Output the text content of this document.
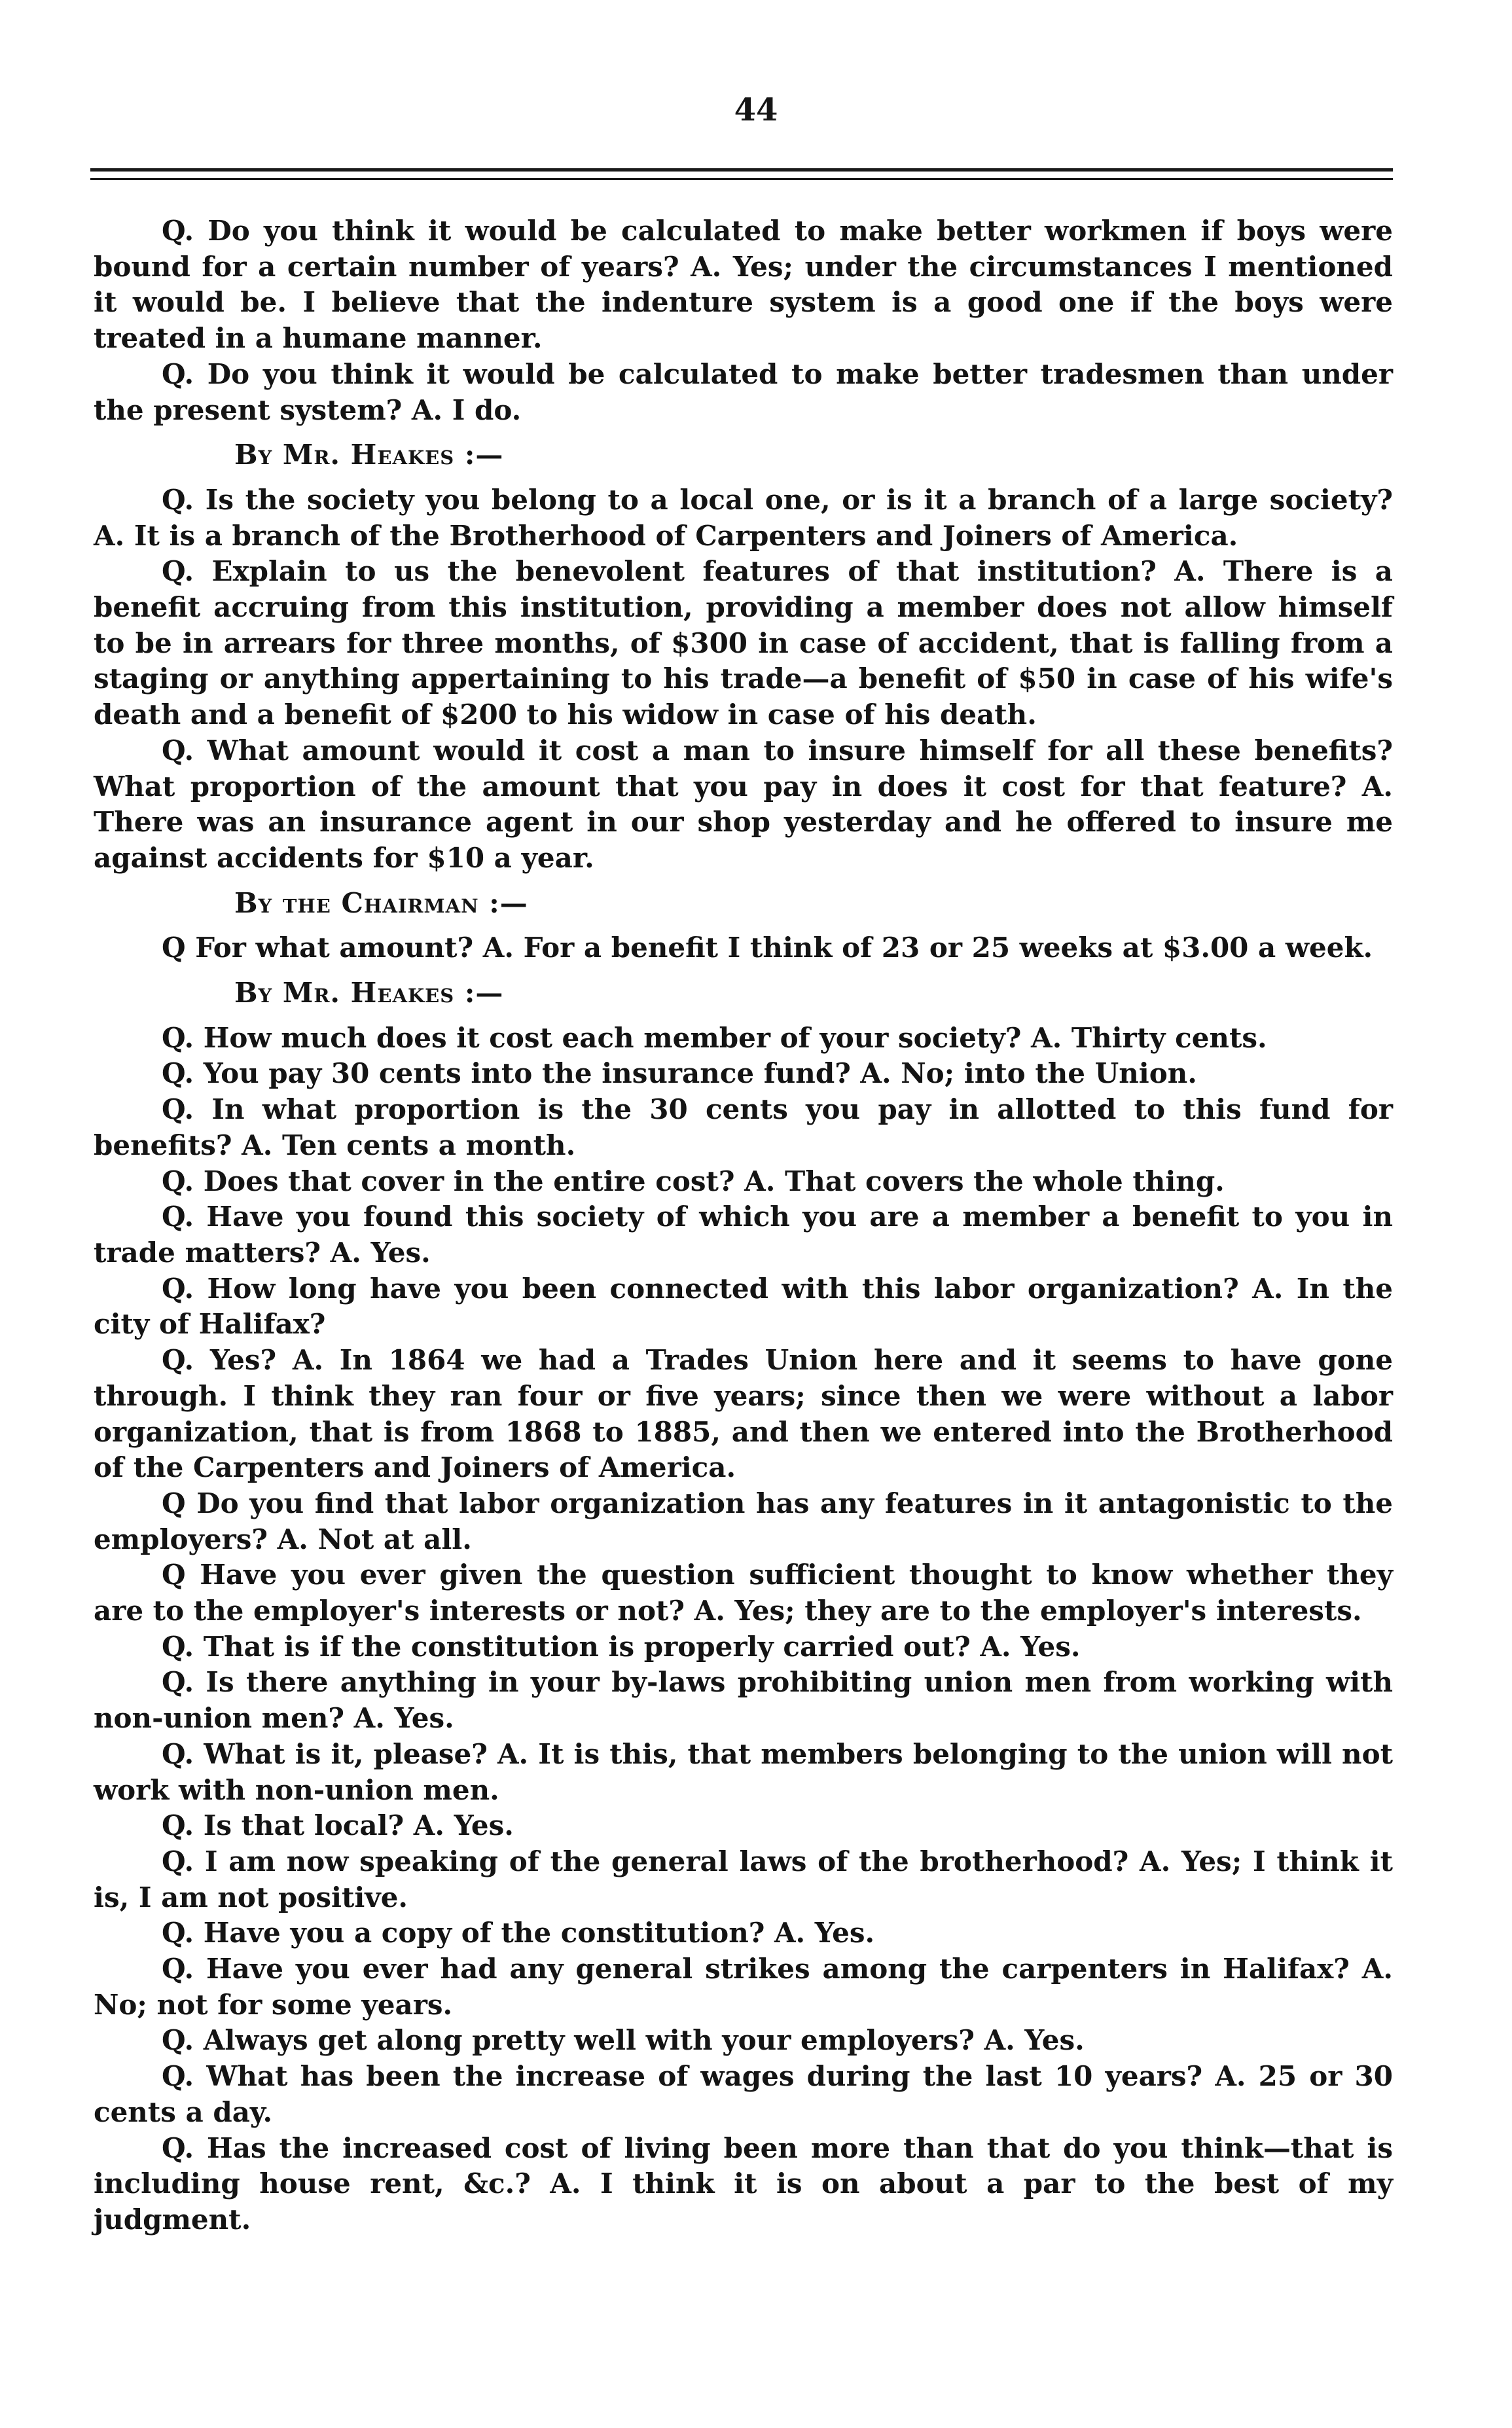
44

Q. Do you think it would be calculated to make better workmen if boys were bound for a certain number of years? A. Yes; under the circumstances I mentioned it would be. I believe that the indenture system is a good one if the boys were treated in a humane manner.

Q. Do you think it would be calculated to make better tradesmen than under the present system? A. I do.

By Mr. Heakes :—

Q. Is the society you belong to a local one, or is it a branch of a large society? A. It is a branch of the Brotherhood of Carpenters and Joiners of America.

Q. Explain to us the benevolent features of that institution? A. There is a benefit accruing from this institution, providing a member does not allow himself to be in arrears for three months, of $300 in case of accident, that is falling from a staging or anything appertaining to his trade—a benefit of $50 in case of his wife's death and a benefit of $200 to his widow in case of his death.

Q. What amount would it cost a man to insure himself for all these benefits? What proportion of the amount that you pay in does it cost for that feature? A. There was an insurance agent in our shop yesterday and he offered to insure me against accidents for $10 a year.

By the Chairman :—

Q For what amount? A. For a benefit I think of 23 or 25 weeks at $3.00 a week.

By Mr. Heakes :—

Q. How much does it cost each member of your society? A. Thirty cents.

Q. You pay 30 cents into the insurance fund? A. No; into the Union.

Q. In what proportion is the 30 cents you pay in allotted to this fund for benefits? A. Ten cents a month.

Q. Does that cover in the entire cost? A. That covers the whole thing.

Q. Have you found this society of which you are a member a benefit to you in trade matters? A. Yes.

Q. How long have you been connected with this labor organization? A. In the city of Halifax?

Q. Yes? A. In 1864 we had a Trades Union here and it seems to have gone through. I think they ran four or five years; since then we were without a labor organization, that is from 1868 to 1885, and then we entered into the Brotherhood of the Carpenters and Joiners of America.

Q Do you find that labor organization has any features in it antagonistic to the employers? A. Not at all.

Q Have you ever given the question sufficient thought to know whether they are to the employer's interests or not? A. Yes; they are to the employer's interests.

Q. That is if the constitution is properly carried out? A. Yes.

Q. Is there anything in your by-laws prohibiting union men from working with non-union men? A. Yes.

Q. What is it, please? A. It is this, that members belonging to the union will not work with non-union men.

Q. Is that local? A. Yes.

Q. I am now speaking of the general laws of the brotherhood? A. Yes; I think it is, I am not positive.

Q. Have you a copy of the constitution? A. Yes.

Q. Have you ever had any general strikes among the carpenters in Halifax? A. No; not for some years.

Q. Always get along pretty well with your employers? A. Yes.

Q. What has been the increase of wages during the last 10 years? A. 25 or 30 cents a day.

Q. Has the increased cost of living been more than that do you think—that is including house rent, &c.? A. I think it is on about a par to the best of my judgment.
